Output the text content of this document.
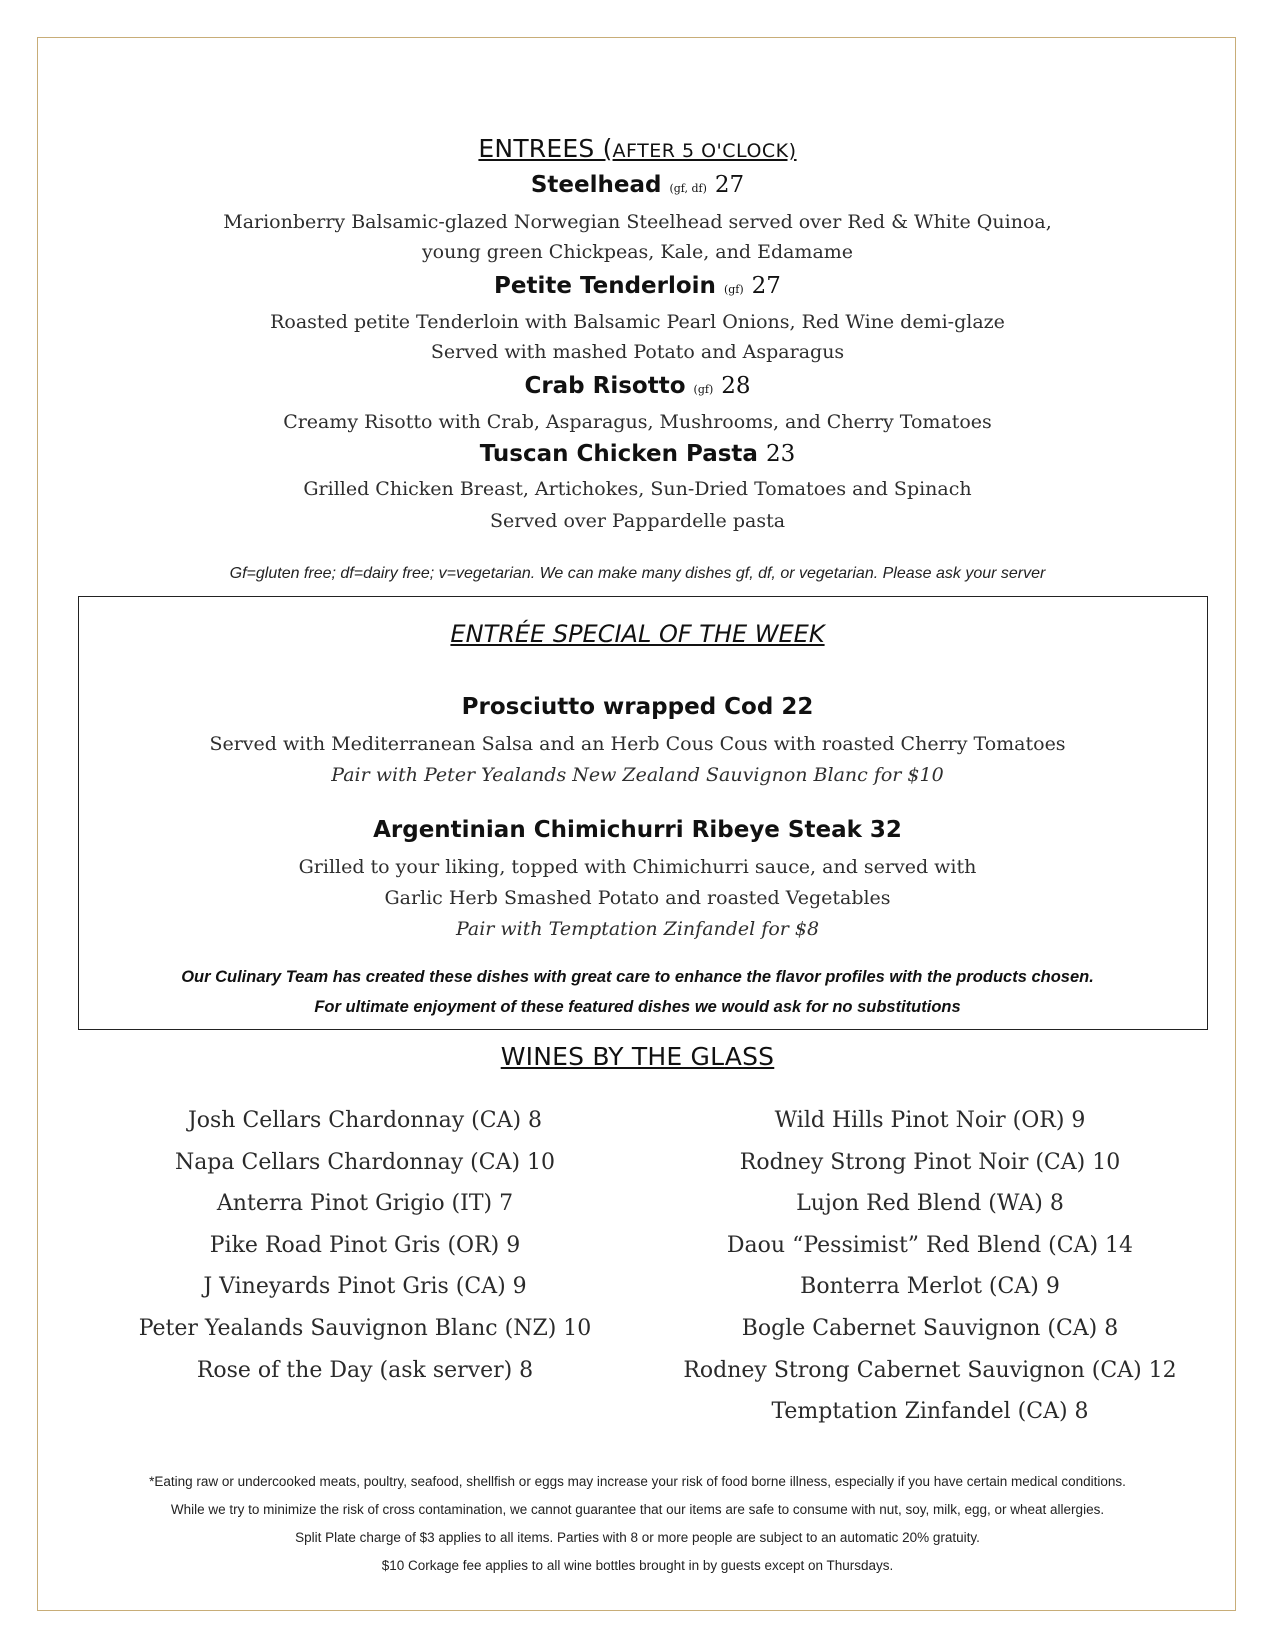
ENTREES (AFTER 5 O'CLOCK)
Steelhead (gf, df) 27
Marionberry Balsamic-glazed Norwegian Steelhead served over Red & White Quinoa,
young green Chickpeas, Kale, and Edamame
Petite Tenderloin (gf) 27
Roasted petite Tenderloin with Balsamic Pearl Onions, Red Wine demi-glaze
Served with mashed Potato and Asparagus
Crab Risotto (gf) 28
Creamy Risotto with Crab, Asparagus, Mushrooms, and Cherry Tomatoes
Tuscan Chicken Pasta 23
Grilled Chicken Breast, Artichokes, Sun-Dried Tomatoes and Spinach
Served over Pappardelle pasta
Gf=gluten free; df=dairy free; v=vegetarian. We can make many dishes gf, df, or vegetarian. Please ask your server
ENTRÉE SPECIAL OF THE WEEK
Prosciutto wrapped Cod 22
Served with Mediterranean Salsa and an Herb Cous Cous with roasted Cherry Tomatoes
Pair with Peter Yealands New Zealand Sauvignon Blanc for $10
Argentinian Chimichurri Ribeye Steak 32
Grilled to your liking, topped with Chimichurri sauce, and served with
Garlic Herb Smashed Potato and roasted Vegetables
Pair with Temptation Zinfandel for $8
Our Culinary Team has created these dishes with great care to enhance the flavor profiles with the products chosen.
For ultimate enjoyment of these featured dishes we would ask for no substitutions
WINES BY THE GLASS
Josh Cellars Chardonnay (CA) 8
Napa Cellars Chardonnay (CA) 10
Anterra Pinot Grigio (IT) 7
Pike Road Pinot Gris (OR) 9
J Vineyards Pinot Gris (CA) 9
Peter Yealands Sauvignon Blanc (NZ) 10
Rose of the Day (ask server) 8
Wild Hills Pinot Noir (OR) 9
Rodney Strong Pinot Noir (CA) 10
Lujon Red Blend (WA) 8
Daou “Pessimist” Red Blend (CA) 14
Bonterra Merlot (CA) 9
Bogle Cabernet Sauvignon (CA) 8
Rodney Strong Cabernet Sauvignon (CA) 12
Temptation Zinfandel (CA) 8
*Eating raw or undercooked meats, poultry, seafood, shellfish or eggs may increase your risk of food borne illness, especially if you have certain medical conditions.
While we try to minimize the risk of cross contamination, we cannot guarantee that our items are safe to consume with nut, soy, milk, egg, or wheat allergies.
Split Plate charge of $3 applies to all items. Parties with 8 or more people are subject to an automatic 20% gratuity.
$10 Corkage fee applies to all wine bottles brought in by guests except on Thursdays.
